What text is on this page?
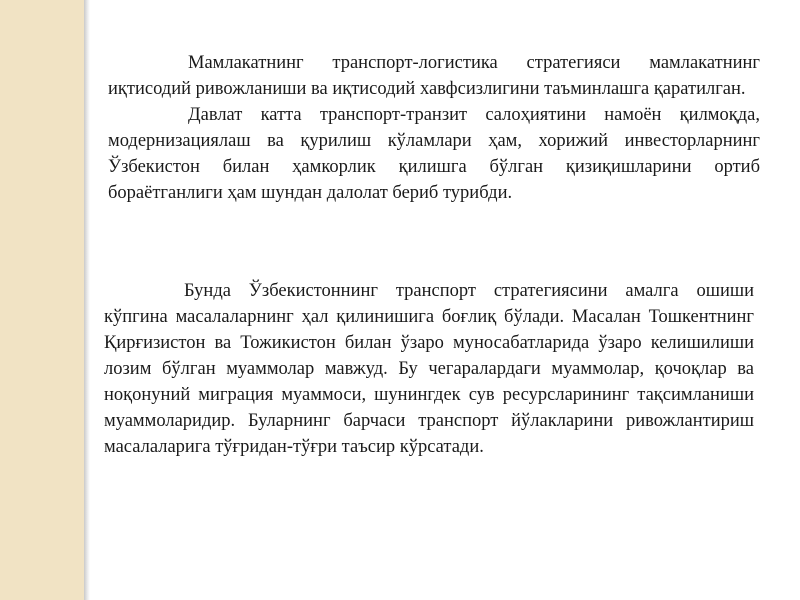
Мамлакатнинг транспорт-логистика стратегияси мамлакатнинг иқтисодий ривожланиши ва иқтисодий хавфсизлигини таъминлашга қаратилган.

Давлат катта транспорт-транзит салоҳиятини намоён қилмоқда, модернизациялаш ва қурилиш кўламлари ҳам, хорижий инвесторларнинг Ўзбекистон билан ҳамкорлик қилишга бўлган қизиқишларини ортиб бораётганлиги ҳам шундан далолат бериб турибди.

Бунда Ўзбекистоннинг транспорт стратегиясини амалга ошиши кўпгина масалаларнинг ҳал қилинишига боғлиқ бўлади. Масалан Тошкентнинг Қирғизистон ва Тожикистон билан ўзаро муносабатларида ўзаро келишилиши лозим бўлган муаммолар мавжуд. Бу чегаралардаги муаммолар, қочоқлар ва ноқонуний миграция муаммоси, шунингдек сув ресурсларининг тақсимланиши муаммоларидир. Буларнинг барчаси транспорт йўлакларини ривожлантириш масалаларига тўғридан-тўғри таъсир кўрсатади.
